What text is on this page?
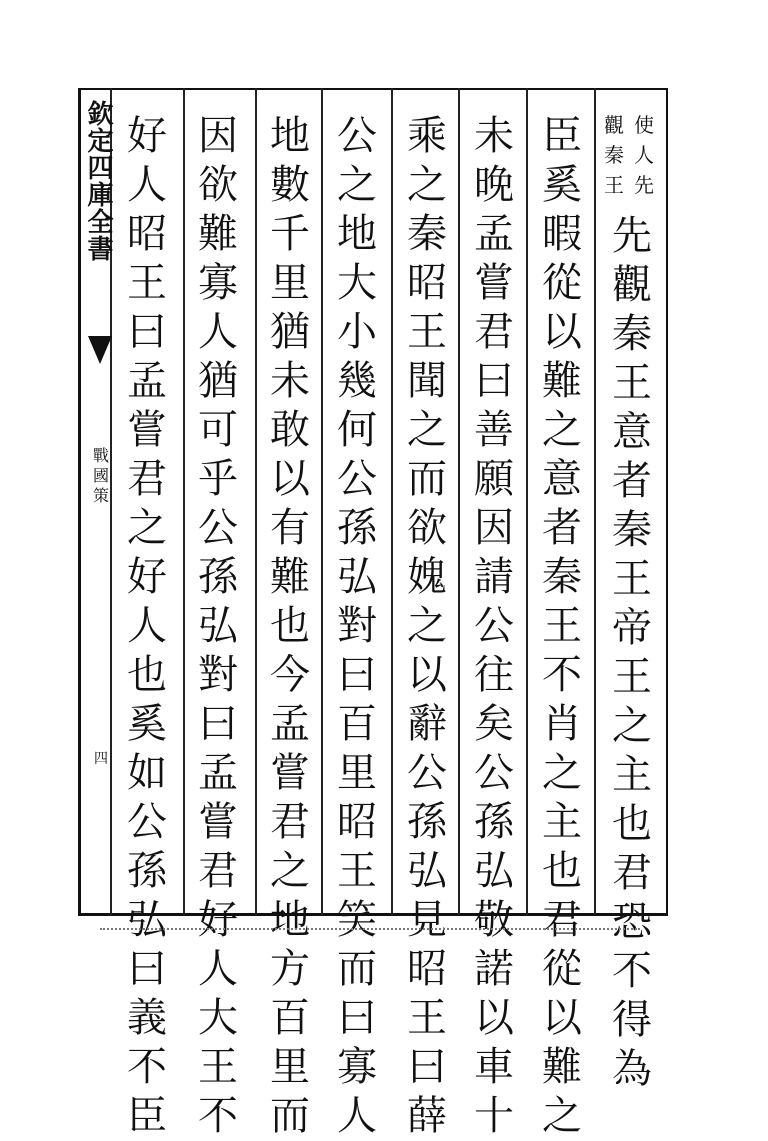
欽定四庫全書
戰國策
四
使
人
先
觀
秦
王
先
觀
秦
王
意
者
秦
王
帝
王
之
主
也
君
恐
不
得
為
臣
奚
暇
從
以
難
之
意
者
秦
王
不
肖
之
主
也
君
從
以
難
之
未
晚
孟
嘗
君
曰
善
願
因
請
公
往
矣
公
孫
弘
敬
諾
以
車
十
乘
之
秦
昭
王
聞
之
而
欲
媿
之
以
辭
公
孫
弘
見
昭
王
曰
薛
公
之
地
大
小
幾
何
公
孫
弘
對
曰
百
里
昭
王
笑
而
曰
寡
人
地
數
千
里
猶
未
敢
以
有
難
也
今
孟
嘗
君
之
地
方
百
里
而
因
欲
難
寡
人
猶
可
乎
公
孫
弘
對
曰
孟
嘗
君
好
人
大
王
不
好
人
昭
王
曰
孟
嘗
君
之
好
人
也
奚
如
公
孫
弘
曰
義
不
臣
